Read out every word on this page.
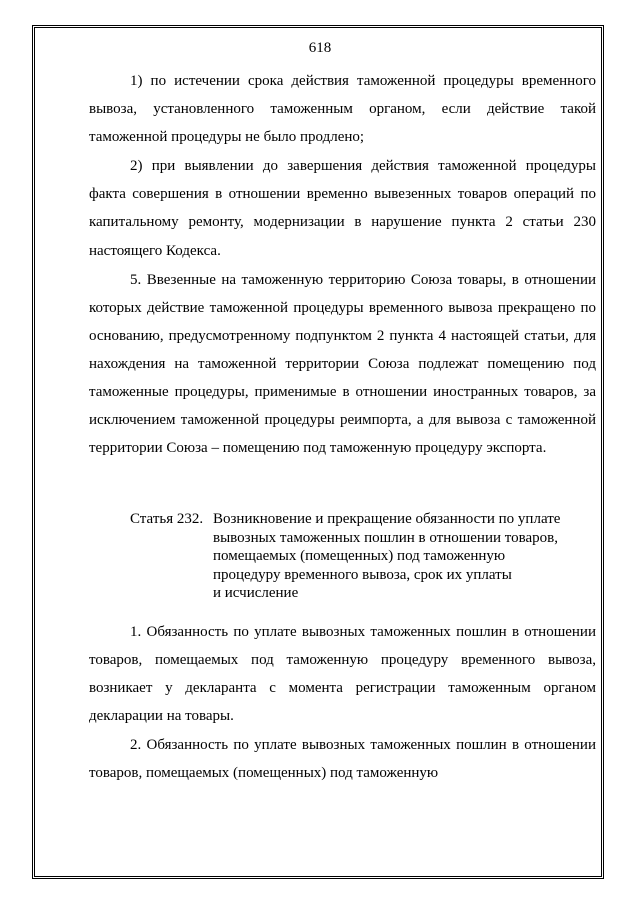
618

1) по истечении срока действия таможенной процедуры временного вывоза, установленного таможенным органом, если действие такой таможенной процедуры не было продлено;

2) при выявлении до завершения действия таможенной процедуры факта совершения в отношении временно вывезенных товаров операций по капитальному ремонту, модернизации в нарушение пункта 2 статьи 230 настоящего Кодекса.

5. Ввезенные на таможенную территорию Союза товары, в отношении которых действие таможенной процедуры временного вывоза прекращено по основанию, предусмотренному подпунктом 2 пункта 4 настоящей статьи, для нахождения на таможенной территории Союза подлежат помещению под таможенные процедуры, применимые в отношении иностранных товаров, за исключением таможенной процедуры реимпорта, а для вывоза с таможенной территории Союза – помещению под таможенную процедуру экспорта.

Статья 232. Возникновение и прекращение обязанности по уплате
вывозных таможенных пошлин в отношении товаров,
помещаемых (помещенных) под таможенную
процедуру временного вывоза, срок их уплаты
и исчисление

1. Обязанность по уплате вывозных таможенных пошлин в отношении товаров, помещаемых под таможенную процедуру временного вывоза, возникает у декларанта с момента регистрации таможенным органом декларации на товары.

2. Обязанность по уплате вывозных таможенных пошлин в отношении товаров, помещаемых (помещенных) под таможенную
